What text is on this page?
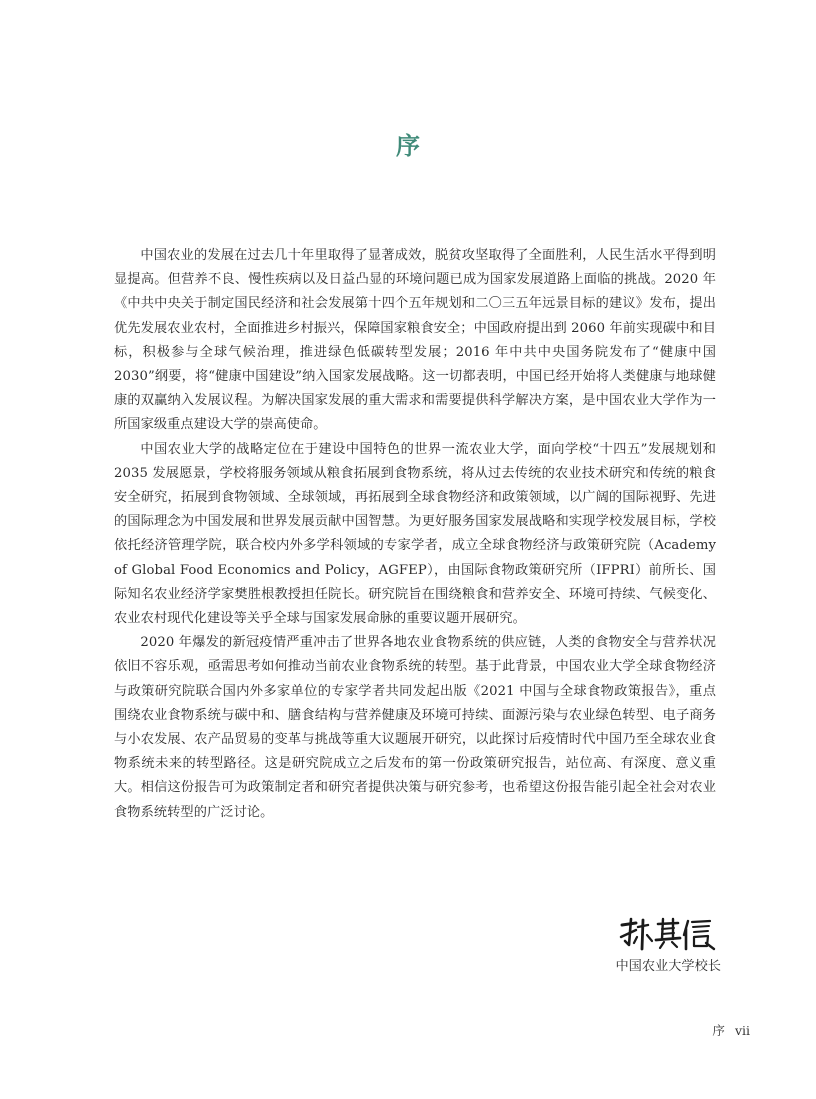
序

中国农业的发展在过去几十年里取得了显著成效，脱贫攻坚取得了全面胜利，人民生活水平得到明显提高。但营养不良、慢性疾病以及日益凸显的环境问题已成为国家发展道路上面临的挑战。2020 年《中共中央关于制定国民经济和社会发展第十四个五年规划和二〇三五年远景目标的建议》发布，提出优先发展农业农村，全面推进乡村振兴，保障国家粮食安全；中国政府提出到 2060 年前实现碳中和目标，积极参与全球气候治理，推进绿色低碳转型发展；2016 年中共中央国务院发布了“健康中国 2030”纲要，将“健康中国建设”纳入国家发展战略。这一切都表明，中国已经开始将人类健康与地球健康的双赢纳入发展议程。为解决国家发展的重大需求和需要提供科学解决方案，是中国农业大学作为一所国家级重点建设大学的崇高使命。

中国农业大学的战略定位在于建设中国特色的世界一流农业大学，面向学校“十四五”发展规划和 2035 发展愿景，学校将服务领域从粮食拓展到食物系统，将从过去传统的农业技术研究和传统的粮食安全研究，拓展到食物领域、全球领域，再拓展到全球食物经济和政策领域，以广阔的国际视野、先进的国际理念为中国发展和世界发展贡献中国智慧。为更好服务国家发展战略和实现学校发展目标，学校依托经济管理学院，联合校内外多学科领域的专家学者，成立全球食物经济与政策研究院（Academy of Global Food Economics and Policy，AGFEP），由国际食物政策研究所（IFPRI）前所长、国际知名农业经济学家樊胜根教授担任院长。研究院旨在围绕粮食和营养安全、环境可持续、气候变化、农业农村现代化建设等关乎全球与国家发展命脉的重要议题开展研究。

2020 年爆发的新冠疫情严重冲击了世界各地农业食物系统的供应链，人类的食物安全与营养状况依旧不容乐观，亟需思考如何推动当前农业食物系统的转型。基于此背景，中国农业大学全球食物经济与政策研究院联合国内外多家单位的专家学者共同发起出版《2021 中国与全球食物政策报告》，重点围绕农业食物系统与碳中和、膳食结构与营养健康及环境可持续、面源污染与农业绿色转型、电子商务与小农发展、农产品贸易的变革与挑战等重大议题展开研究，以此探讨后疫情时代中国乃至全球农业食物系统未来的转型路径。这是研究院成立之后发布的第一份政策研究报告，站位高、有深度、意义重大。相信这份报告可为政策制定者和研究者提供决策与研究参考，也希望这份报告能引起全社会对农业食物系统转型的广泛讨论。

中国农业大学校长
序 vii
